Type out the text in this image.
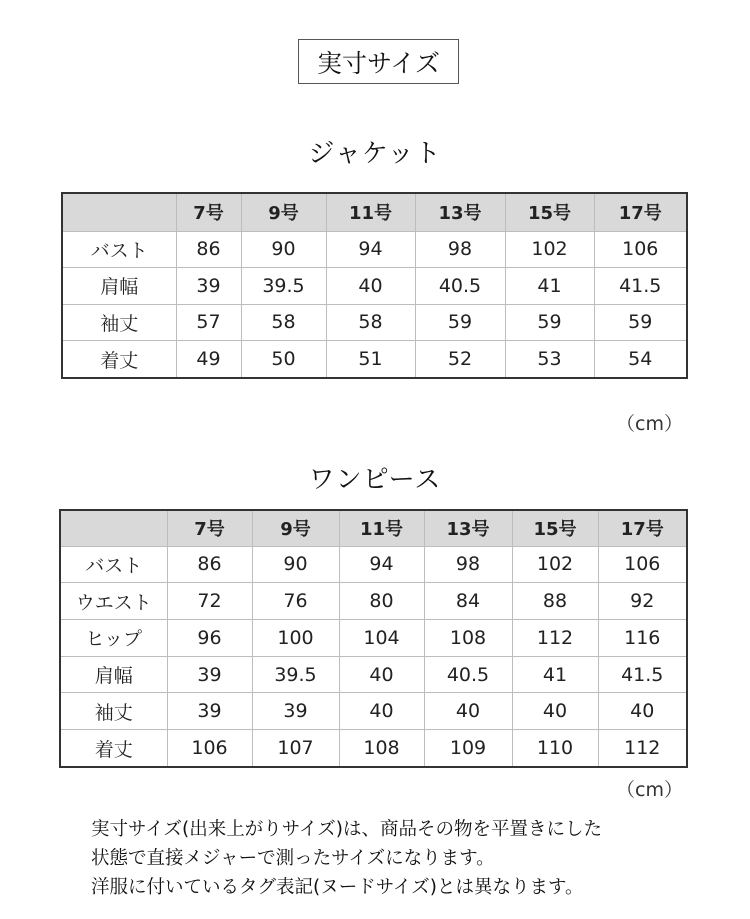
実寸サイズ
ジャケット
	7号	9号	11号	13号	15号	17号
バスト	86	90	94	98	102	106
肩幅	39	39.5	40	40.5	41	41.5
袖丈	57	58	58	59	59	59
着丈	49	50	51	52	53	54
（cm）
ワンピース
	7号	9号	11号	13号	15号	17号
バスト	86	90	94	98	102	106
ウエスト	72	76	80	84	88	92
ヒップ	96	100	104	108	112	116
肩幅	39	39.5	40	40.5	41	41.5
袖丈	39	39	40	40	40	40
着丈	106	107	108	109	110	112
（cm）
実寸サイズ(出来上がりサイズ)は、商品その物を平置きにした
状態で直接メジャーで測ったサイズになります。
洋服に付いているタグ表記(ヌードサイズ)とは異なります。
